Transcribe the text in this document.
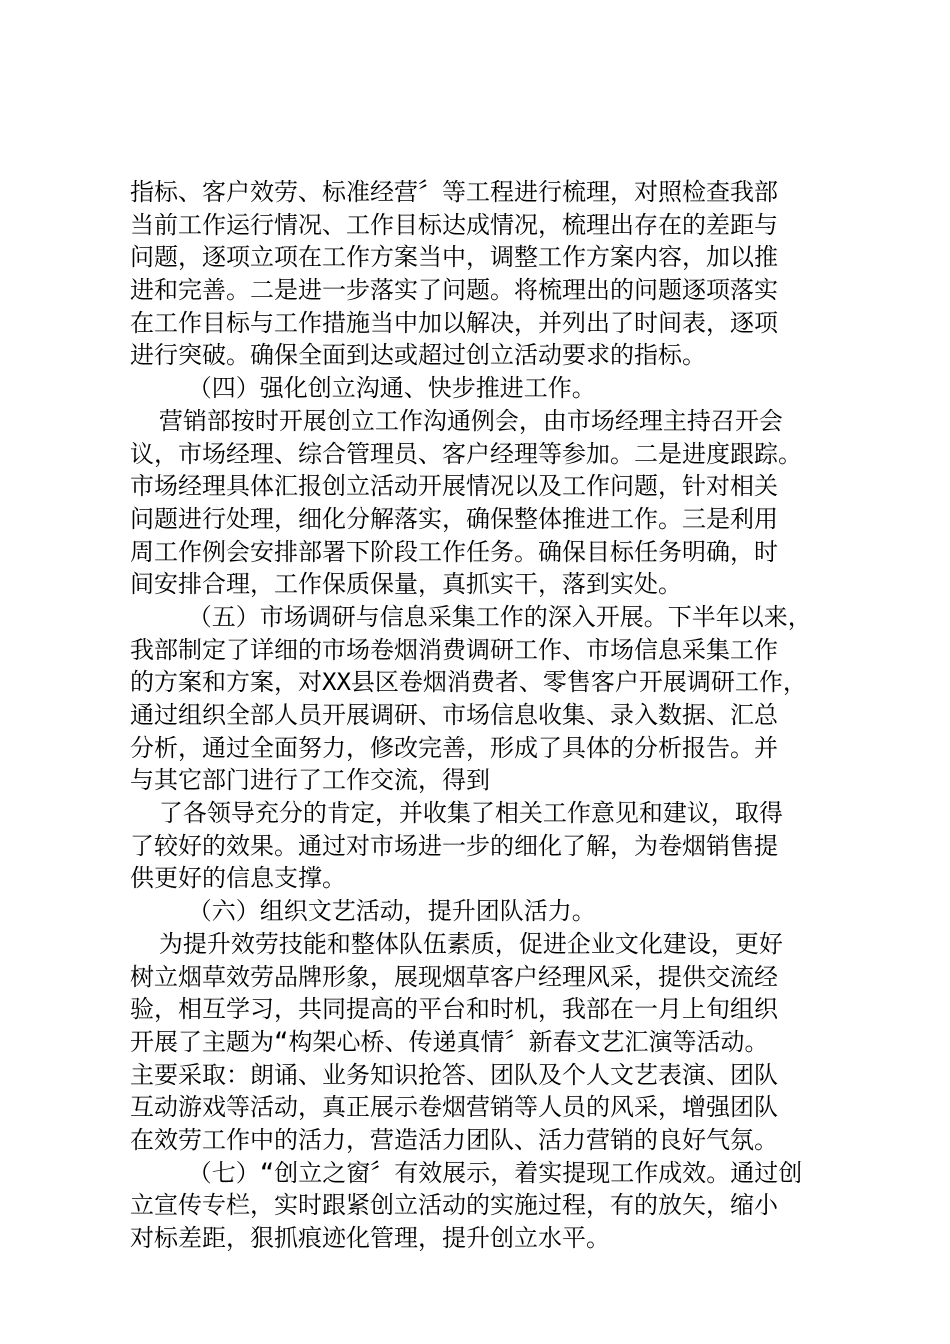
指标、客户效劳、标准经营〞等工程进行梳理，对照检查我部
当前工作运行情况、工作目标达成情况，梳理出存在的差距与
问题，逐项立项在工作方案当中，调整工作方案内容，加以推
进和完善。二是进一步落实了问题。将梳理出的问题逐项落实
在工作目标与工作措施当中加以解决，并列出了时间表，逐项
进行突破。确保全面到达或超过创立活动要求的指标。
（四）强化创立沟通、快步推进工作。
营销部按时开展创立工作沟通例会，由市场经理主持召开会
议，市场经理、综合管理员、客户经理等参加。二是进度跟踪。
市场经理具体汇报创立活动开展情况以及工作问题，针对相关
问题进行处理，细化分解落实，确保整体推进工作。三是利用
周工作例会安排部署下阶段工作任务。确保目标任务明确，时
间安排合理，工作保质保量，真抓实干，落到实处。
（五）市场调研与信息采集工作的深入开展。下半年以来，
我部制定了详细的市场卷烟消费调研工作、市场信息采集工作
的方案和方案，对XX县区卷烟消费者、零售客户开展调研工作，
通过组织全部人员开展调研、市场信息收集、录入数据、汇总
分析，通过全面努力，修改完善，形成了具体的分析报告。并
与其它部门进行了工作交流，得到
了各领导充分的肯定，并收集了相关工作意见和建议，取得
了较好的效果。通过对市场进一步的细化了解，为卷烟销售提
供更好的信息支撑。
（六）组织文艺活动，提升团队活力。
为提升效劳技能和整体队伍素质，促进企业文化建设，更好
树立烟草效劳品牌形象，展现烟草客户经理风采，提供交流经
验，相互学习，共同提高的平台和时机，我部在一月上旬组织
开展了主题为“构架心桥、传递真情〞新春文艺汇演等活动。
主要采取：朗诵、业务知识抢答、团队及个人文艺表演、团队
互动游戏等活动，真正展示卷烟营销等人员的风采，增强团队
在效劳工作中的活力，营造活力团队、活力营销的良好气氛。
（七）“创立之窗〞有效展示，着实提现工作成效。通过创
立宣传专栏，实时跟紧创立活动的实施过程，有的放矢，缩小
对标差距，狠抓痕迹化管理，提升创立水平。
